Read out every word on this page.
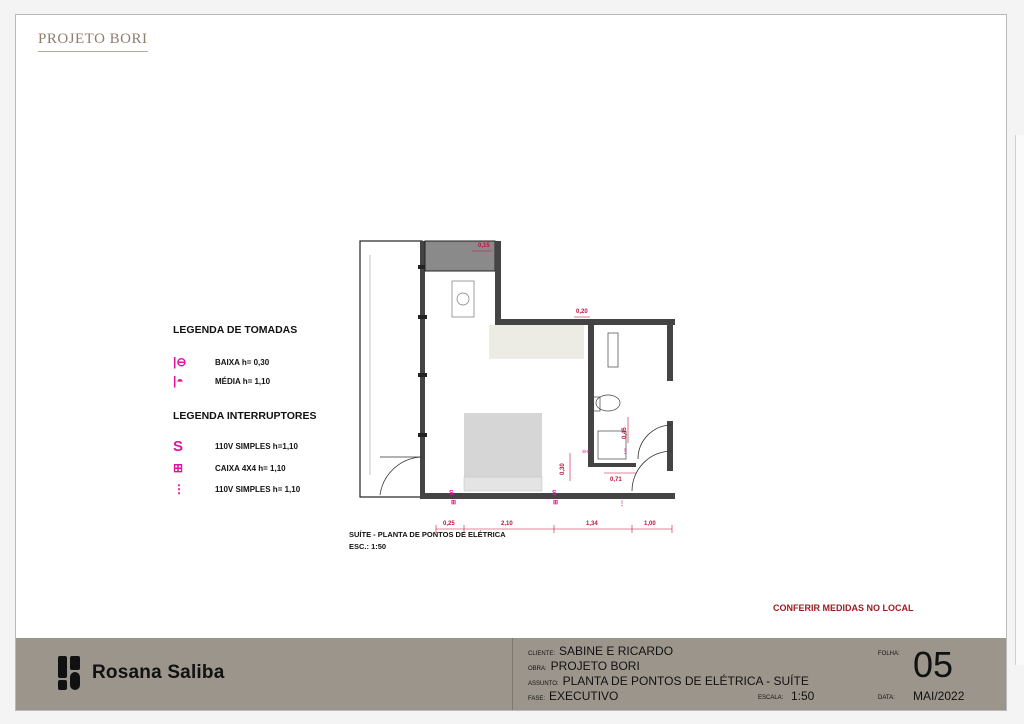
PROJETO BORI
LEGENDA DE TOMADAS
|⊖	BAIXA h= 0,30
|◓	MÉDIA h= 1,10
LEGENDA INTERRUPTORES
S	110V SIMPLES h=1,10
⊞	CAIXA 4X4 h= 1,10
⋮	110V SIMPLES h= 1,10
⊞	⊞	⋮
⋮
⊖⊖
S	S
0,15
0,20
0,25	2,10	1,34	1,00
0,30
0,45
0,71
SUÍTE - PLANTA DE PONTOS DE ELÉTRICA
ESC.: 1:50
CONFERIR MEDIDAS NO LOCAL
Rosana Saliba
CLIENTE: SABINE E RICARDO
OBRA: PROJETO BORI
ASSUNTO: PLANTA DE PONTOS DE ELÉTRICA - SUÍTE
FASE: EXECUTIVO	ESCALA: 1:50
FOLHA: 05
DATA: MAI/2022
